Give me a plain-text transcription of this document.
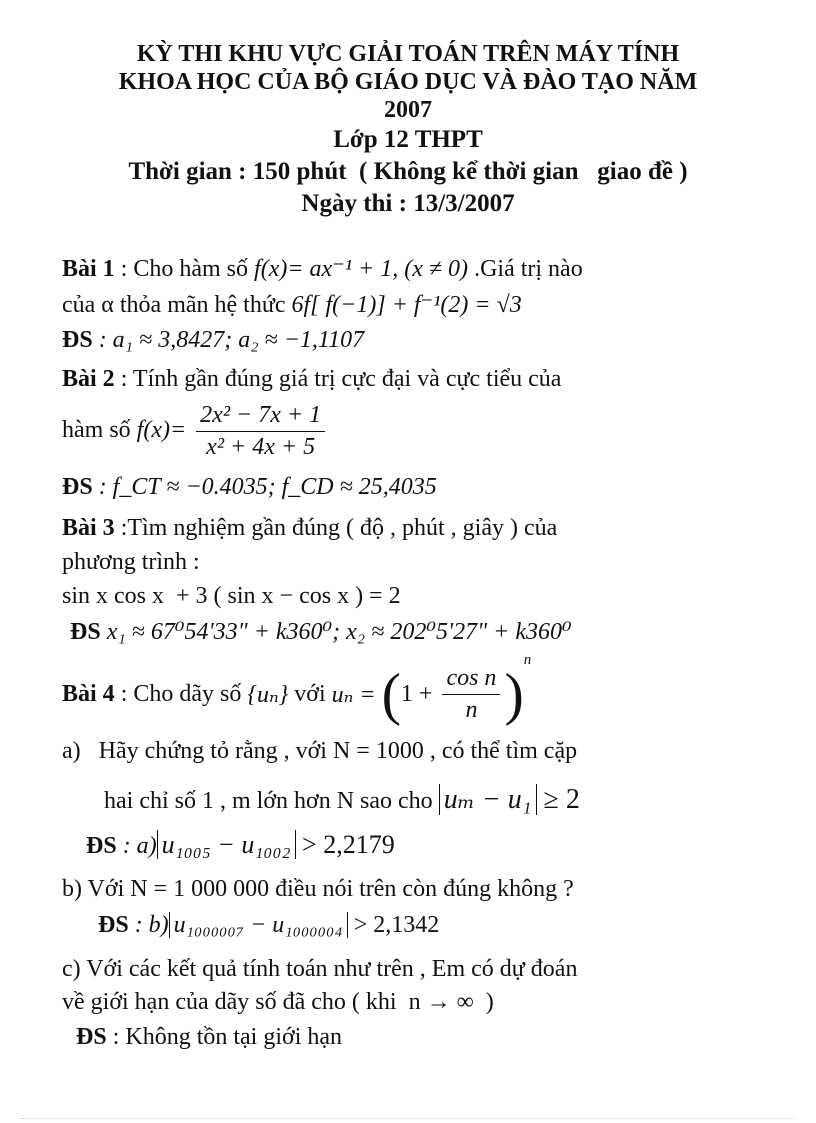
KỲ THI KHU VỰC GIẢI TOÁN TRÊN MÁY TÍNH
KHOA HỌC CỦA BỘ GIÁO DỤC VÀ ĐÀO TẠO NĂM
2007
Lớp 12 THPT
Thời gian : 150 phút  ( Không kể thời gian   giao đề )
Ngày thi : 13/3/2007
Bài 1 : Cho hàm số f(x)= ax⁻¹ + 1, (x ≠ 0) .Giá trị nào
của α thỏa mãn hệ thức 6f[ f(−1)] + f⁻¹(2) = √3
ĐS : a₁ ≈ 3,8427; a₂ ≈ −1,1107
Bài 2 : Tính gần đúng giá trị cực đại và cực tiểu của
hàm số $f(x)= \frac{\text{2x² − 7x + 1}}{\text{x² + 4x + 5}}$
ĐS : f_CT ≈ −0.4035; f_CD ≈ 25,4035
Bài 3 :Tìm nghiệm gần đúng ( độ , phút , giây ) của
phương trình :
sin x cos x  + 3 ( sin x − cos x ) = 2
ĐS x₁ ≈ 67⁰54'33" + k360⁰; x₂ ≈ 202⁰5'27" + k360⁰
Bài 4 : Cho dãy số {uₙ} với $u_n = (1 + \frac{\text{cos n}}{n} )^n$
a)   Hãy chứng tỏ rằng , với N = 1000 , có thể tìm cặp
hai chỉ số 1 , m lớn hơn N sao cho uₘ − u₁ ≥ 2
ĐS : a) u₁₀₀₅ − u₁₀₀₂ > 2,2179
b) Với N = 1 000 000 điều nói trên còn đúng không ?
ĐS : b) u₁₀₀₀₀₀₇ − u₁₀₀₀₀₀₄ > 2,1342
c) Với các kết quả tính toán như trên , Em có dự đoán
về giới hạn của dãy số đã cho ( khi  n → ∞  )
ĐS : Không tồn tại giới hạn
